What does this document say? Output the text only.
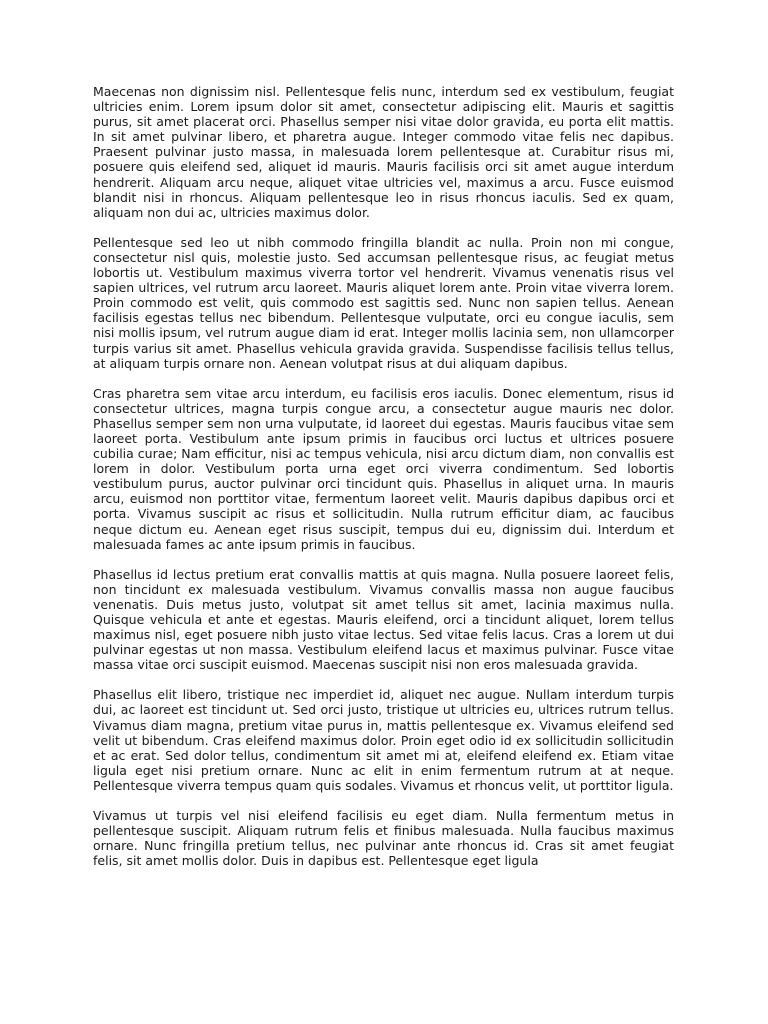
Maecenas non dignissim nisl. Pellentesque felis nunc, interdum sed ex vestibulum, feugiat ultricies enim. Lorem ipsum dolor sit amet, consectetur adipiscing elit. Mauris et sagittis purus, sit amet placerat orci. Phasellus semper nisi vitae dolor gravida, eu porta elit mattis. In sit amet pulvinar libero, et pharetra augue. Integer commodo vitae felis nec dapibus. Praesent pulvinar justo massa, in malesuada lorem pellentesque at. Curabitur risus mi, posuere quis eleifend sed, aliquet id mauris. Mauris facilisis orci sit amet augue interdum hendrerit. Aliquam arcu neque, aliquet vitae ultricies vel, maximus a arcu. Fusce euismod blandit nisi in rhoncus. Aliquam pellentesque leo in risus rhoncus iaculis. Sed ex quam, aliquam non dui ac, ultricies maximus dolor.

Pellentesque sed leo ut nibh commodo fringilla blandit ac nulla. Proin non mi congue, consectetur nisl quis, molestie justo. Sed accumsan pellentesque risus, ac feugiat metus lobortis ut. Vestibulum maximus viverra tortor vel hendrerit. Vivamus venenatis risus vel sapien ultrices, vel rutrum arcu laoreet. Mauris aliquet lorem ante. Proin vitae viverra lorem. Proin commodo est velit, quis commodo est sagittis sed. Nunc non sapien tellus. Aenean facilisis egestas tellus nec bibendum. Pellentesque vulputate, orci eu congue iaculis, sem nisi mollis ipsum, vel rutrum augue diam id erat. Integer mollis lacinia sem, non ullamcorper turpis varius sit amet. Phasellus vehicula gravida gravida. Suspendisse facilisis tellus tellus, at aliquam turpis ornare non. Aenean volutpat risus at dui aliquam dapibus.

Cras pharetra sem vitae arcu interdum, eu facilisis eros iaculis. Donec elementum, risus id consectetur ultrices, magna turpis congue arcu, a consectetur augue mauris nec dolor. Phasellus semper sem non urna vulputate, id laoreet dui egestas. Mauris faucibus vitae sem laoreet porta. Vestibulum ante ipsum primis in faucibus orci luctus et ultrices posuere cubilia curae; Nam efficitur, nisi ac tempus vehicula, nisi arcu dictum diam, non convallis est lorem in dolor. Vestibulum porta urna eget orci viverra condimentum. Sed lobortis vestibulum purus, auctor pulvinar orci tincidunt quis. Phasellus in aliquet urna. In mauris arcu, euismod non porttitor vitae, fermentum laoreet velit. Mauris dapibus dapibus orci et porta. Vivamus suscipit ac risus et sollicitudin. Nulla rutrum efficitur diam, ac faucibus neque dictum eu. Aenean eget risus suscipit, tempus dui eu, dignissim dui. Interdum et malesuada fames ac ante ipsum primis in faucibus.

Phasellus id lectus pretium erat convallis mattis at quis magna. Nulla posuere laoreet felis, non tincidunt ex malesuada vestibulum. Vivamus convallis massa non augue faucibus venenatis. Duis metus justo, volutpat sit amet tellus sit amet, lacinia maximus nulla. Quisque vehicula et ante et egestas. Mauris eleifend, orci a tincidunt aliquet, lorem tellus maximus nisl, eget posuere nibh justo vitae lectus. Sed vitae felis lacus. Cras a lorem ut dui pulvinar egestas ut non massa. Vestibulum eleifend lacus et maximus pulvinar. Fusce vitae massa vitae orci suscipit euismod. Maecenas suscipit nisi non eros malesuada gravida.

Phasellus elit libero, tristique nec imperdiet id, aliquet nec augue. Nullam interdum turpis dui, ac laoreet est tincidunt ut. Sed orci justo, tristique ut ultricies eu, ultrices rutrum tellus. Vivamus diam magna, pretium vitae purus in, mattis pellentesque ex. Vivamus eleifend sed velit ut bibendum. Cras eleifend maximus dolor. Proin eget odio id ex sollicitudin sollicitudin et ac erat. Sed dolor tellus, condimentum sit amet mi at, eleifend eleifend ex. Etiam vitae ligula eget nisi pretium ornare. Nunc ac elit in enim fermentum rutrum at at neque. Pellentesque viverra tempus quam quis sodales. Vivamus et rhoncus velit, ut porttitor ligula.

Vivamus ut turpis vel nisi eleifend facilisis eu eget diam. Nulla fermentum metus in pellentesque suscipit. Aliquam rutrum felis et finibus malesuada. Nulla faucibus maximus ornare. Nunc fringilla pretium tellus, nec pulvinar ante rhoncus id. Cras sit amet feugiat felis, sit amet mollis dolor. Duis in dapibus est. Pellentesque eget ligula
